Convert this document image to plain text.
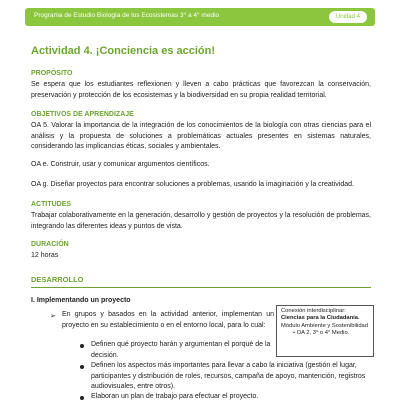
Programa de Estudio Biología de los Ecosistemas 3° a 4° medio	Unidad 4
Actividad 4. ¡Conciencia es acción!
PROPÓSITO
Se espera que los estudiantes reflexionen y lleven a cabo prácticas que favorezcan la conservación, preservación y protección de los ecosistemas y la biodiversidad en su propia realidad territorial.
OBJETIVOS DE APRENDIZAJE
OA 5. Valorar la importancia de la integración de los conocimientos de la biología con otras ciencias para el análisis y la propuesta de soluciones a problemáticas actuales presentes en sistemas naturales, considerando las implicancias éticas, sociales y ambientales.
OA e. Construir, usar y comunicar argumentos científicos.
OA g. Diseñar proyectos para encontrar soluciones a problemas, usando la imaginación y la creatividad.
ACTITUDES
Trabajar colaborativamente en la generación, desarrollo y gestión de proyectos y la resolución de problemas, integrando las diferentes ideas y puntos de vista.
DURACIÓN
12 horas
DESARROLLO
I. Implementando un proyecto
➢ En grupos y basados en la actividad anterior, implementan un proyecto en su establecimiento o en el entorno local, para lo cual:
Definen qué proyecto harán y argumentan el porqué de la decisión.
Definen los aspectos más importantes para llevar a cabo la iniciativa (gestión el lugar, participantes y distribución de roles, recursos, campaña de apoyo, mantención, registros audiovisuales, entre otros).
Elaboran un plan de trabajo para efectuar el proyecto.
Conexión interdisciplinar:
Ciencias para la Ciudadanía.
Módulo Ambiente y Sostenibilidad
• OA 2, 3° o 4° Medio.
